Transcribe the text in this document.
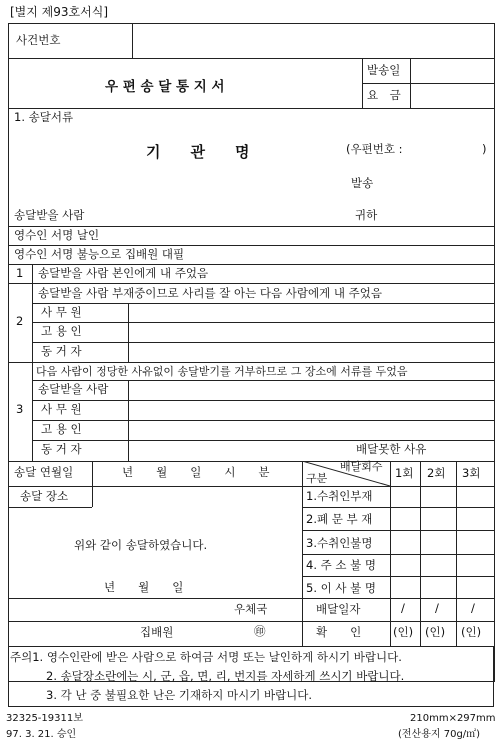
[별지 제93호서식]
사건번호
우 편 송 달 통 지 서
발송일
요　금
1. 송달서류
기　　관　　명	(우편번호 :	)
발송
송달받을 사람	귀하
영수인 서명 날인
영수인 서명 불능으로 집배원 대필
1 송달받을 사람 본인에게 내 주었음
송달받을 사람 부재중이므로 사리를 잘 아는 다음 사람에게 내 주었음
2
사 무 원
고 용 인
동 거 자
다음 사람이 정당한 사유없이 송달받기를 거부하므로 그 장소에 서류를 두었음
3
송달받을 사람
사 무 원
고 용 인
동 거 자	배달못한 사유
송달 연월일	년　　월　　일　　시　　분	배달회수
구분	1회 2회 3회
송달 장소	1.수취인부재
2.폐 문 부 재
3.수취인불명
4. 주 소 불 명
5. 이 사 불 명
위와 같이 송달하였습니다.
년　　월　　일
우체국	배달일자	/	/	/
집배원	㊞	확　　인	(인) (인) (인)
주의1. 영수인란에 받은 사람으로 하여금 서명 또는 날인하게 하시기 바랍니다.
2. 송달장소란에는 시, 군, 읍, 면, 리, 번지를 자세하게 쓰시기 바랍니다.
3. 각 난 중 불필요한 난은 기재하지 마시기 바랍니다.
32325-19311보
97. 3. 21. 승인
210mm×297mm
(전산용지 70g/㎡)
